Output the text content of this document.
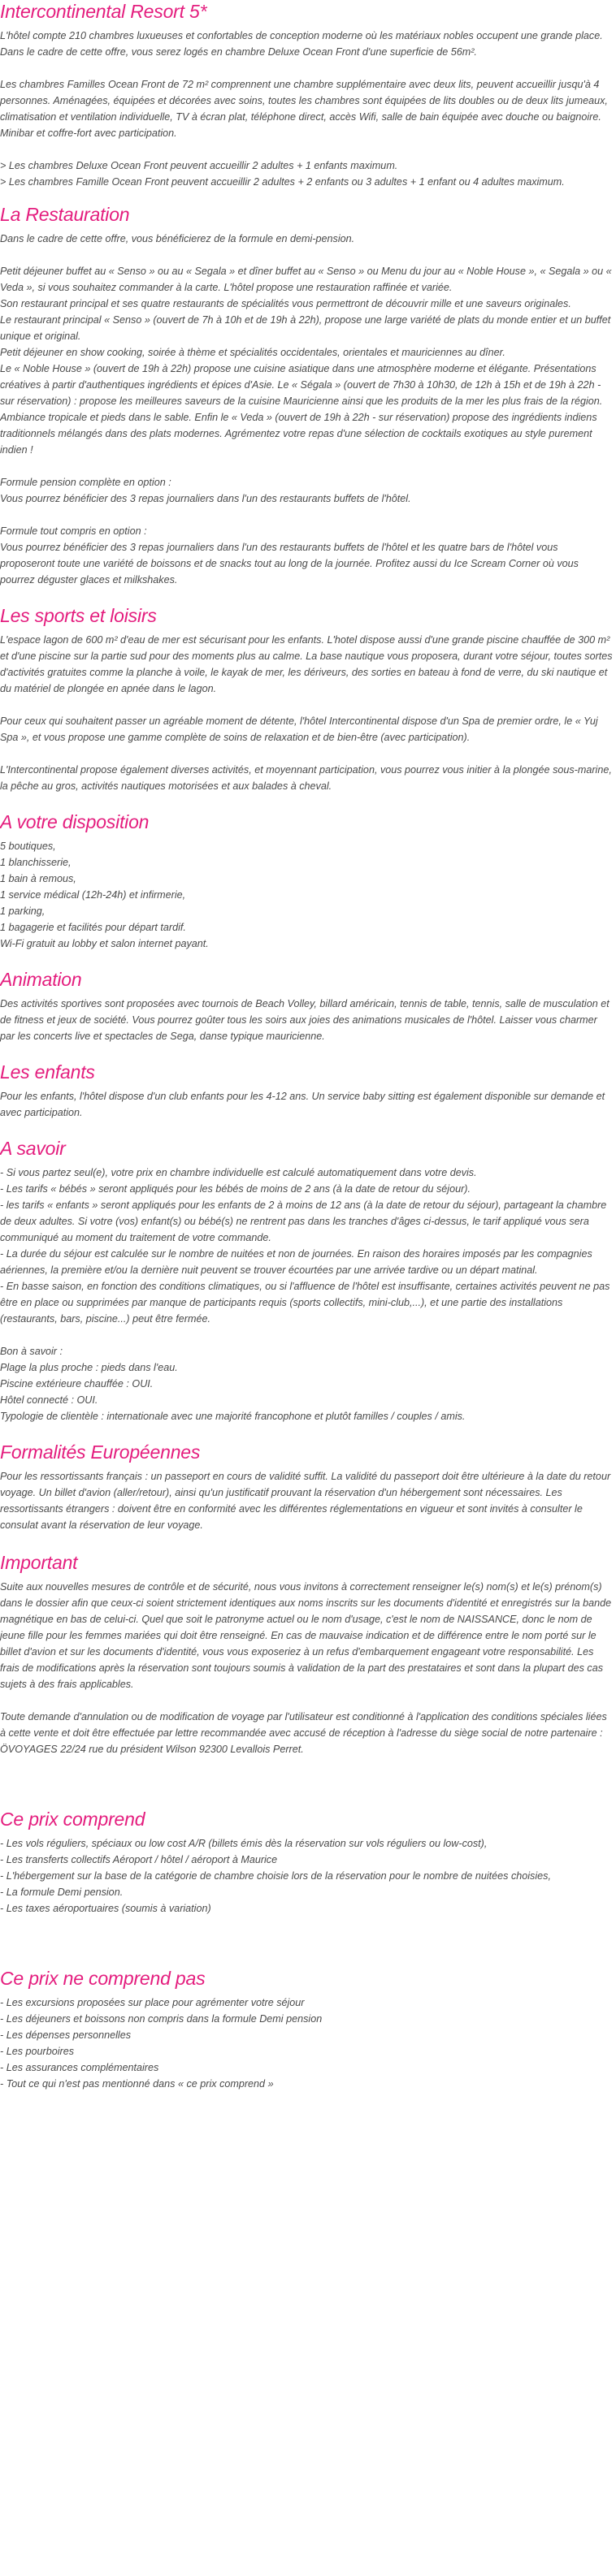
Intercontinental Resort 5*

L'hôtel compte 210 chambres luxueuses et confortables de conception moderne où les matériaux nobles occupent une grande place. Dans le cadre de cette offre, vous serez logés en chambre Deluxe Ocean Front d'une superficie de 56m².

Les chambres Familles Ocean Front de 72 m² comprennent une chambre supplémentaire avec deux lits, peuvent accueillir jusqu'à 4 personnes. Aménagées, équipées et décorées avec soins, toutes les chambres sont équipées de lits doubles ou de deux lits jumeaux, climatisation et ventilation individuelle, TV à écran plat, téléphone direct, accès Wifi, salle de bain équipée avec douche ou baignoire. Minibar et coffre-fort avec participation.

> Les chambres Deluxe Ocean Front peuvent accueillir 2 adultes + 1 enfants maximum.

> Les chambres Famille Ocean Front peuvent accueillir 2 adultes + 2 enfants ou 3 adultes + 1 enfant ou 4 adultes maximum.

La Restauration

Dans le cadre de cette offre, vous bénéficierez de la formule en demi-pension.

Petit déjeuner buffet au « Senso » ou au « Segala » et dîner buffet au « Senso » ou Menu du jour au « Noble House », « Segala » ou « Veda », si vous souhaitez commander à la carte. L'hôtel propose une restauration raffinée et variée.

Son restaurant principal et ses quatre restaurants de spécialités vous permettront de découvrir mille et une saveurs originales.

Le restaurant principal « Senso » (ouvert de 7h à 10h et de 19h à 22h), propose une large variété de plats du monde entier et un buffet unique et original.

Petit déjeuner en show cooking, soirée à thème et spécialités occidentales, orientales et mauriciennes au dîner.

Le « Noble House » (ouvert de 19h à 22h) propose une cuisine asiatique dans une atmosphère moderne et élégante. Présentations créatives à partir d'authentiques ingrédients et épices d'Asie. Le « Ségala » (ouvert de 7h30 à 10h30, de 12h à 15h et de 19h à 22h - sur réservation) : propose les meilleures saveurs de la cuisine Mauricienne ainsi que les produits de la mer les plus frais de la région. Ambiance tropicale et pieds dans le sable. Enfin le « Veda » (ouvert de 19h à 22h - sur réservation) propose des ingrédients indiens traditionnels mélangés dans des plats modernes. Agrémentez votre repas d'une sélection de cocktails exotiques au style purement indien !

Formule pension complète en option :

Vous pourrez bénéficier des 3 repas journaliers dans l'un des restaurants buffets de l'hôtel.

Formule tout compris en option :

Vous pourrez bénéficier des 3 repas journaliers dans l'un des restaurants buffets de l'hôtel et les quatre bars de l'hôtel vous proposeront toute une variété de boissons et de snacks tout au long de la journée. Profitez aussi du Ice Scream Corner où vous pourrez déguster glaces et milkshakes.

Les sports et loisirs

L'espace lagon de 600 m² d'eau de mer est sécurisant pour les enfants. L'hotel dispose aussi d'une grande piscine chauffée de 300 m² et d'une piscine sur la partie sud pour des moments plus au calme. La base nautique vous proposera, durant votre séjour, toutes sortes d'activités gratuites comme la planche à voile, le kayak de mer, les dériveurs, des sorties en bateau à fond de verre, du ski nautique et du matériel de plongée en apnée dans le lagon.

Pour ceux qui souhaitent passer un agréable moment de détente, l'hôtel Intercontinental dispose d'un Spa de premier ordre, le « Yuj Spa », et vous propose une gamme complète de soins de relaxation et de bien-être (avec participation).

L'Intercontinental propose également diverses activités, et moyennant participation, vous pourrez vous initier à la plongée sous-marine, la pêche au gros, activités nautiques motorisées et aux balades à cheval.

A votre disposition

5 boutiques,

1 blanchisserie,

1 bain à remous,

1 service médical (12h-24h) et infirmerie,

1 parking,

1 bagagerie et facilités pour départ tardif.

Wi-Fi gratuit au lobby et salon internet payant.

Animation

Des activités sportives sont proposées avec tournois de Beach Volley, billard américain, tennis de table, tennis, salle de musculation et de fitness et jeux de société. Vous pourrez goûter tous les soirs aux joies des animations musicales de l'hôtel. Laisser vous charmer par les concerts live et spectacles de Sega, danse typique mauricienne.

Les enfants

Pour les enfants, l'hôtel dispose d'un club enfants pour les 4-12 ans. Un service baby sitting est également disponible sur demande et avec participation.

A savoir

- Si vous partez seul(e), votre prix en chambre individuelle est calculé automatiquement dans votre devis.

- Les tarifs « bébés » seront appliqués pour les bébés de moins de 2 ans (à la date de retour du séjour).

- les tarifs « enfants » seront appliqués pour les enfants de 2 à moins de 12 ans (à la date de retour du séjour), partageant la chambre de deux adultes. Si votre (vos) enfant(s) ou bébé(s) ne rentrent pas dans les tranches d'âges ci-dessus, le tarif appliqué vous sera communiqué au moment du traitement de votre commande.

- La durée du séjour est calculée sur le nombre de nuitées et non de journées. En raison des horaires imposés par les compagnies aériennes, la première et/ou la dernière nuit peuvent se trouver écourtées par une arrivée tardive ou un départ matinal.

- En basse saison, en fonction des conditions climatiques, ou si l'affluence de l'hôtel est insuffisante, certaines activités peuvent ne pas être en place ou supprimées par manque de participants requis (sports collectifs, mini-club,...), et une partie des installations (restaurants, bars, piscine...) peut être fermée.

Bon à savoir :

Plage la plus proche : pieds dans l'eau.

Piscine extérieure chauffée : OUI.

Hôtel connecté : OUI.

Typologie de clientèle : internationale avec une majorité francophone et plutôt familles / couples / amis.

Formalités Européennes

Pour les ressortissants français : un passeport en cours de validité suffit. La validité du passeport doit être ultérieure à la date du retour voyage. Un billet d'avion (aller/retour), ainsi qu'un justificatif prouvant la réservation d'un hébergement sont nécessaires. Les ressortissants étrangers : doivent être en conformité avec les différentes réglementations en vigueur et sont invités à consulter le consulat avant la réservation de leur voyage.

Important

Suite aux nouvelles mesures de contrôle et de sécurité, nous vous invitons à correctement renseigner le(s) nom(s) et le(s) prénom(s) dans le dossier afin que ceux-ci soient strictement identiques aux noms inscrits sur les documents d'identité et enregistrés sur la bande magnétique en bas de celui-ci. Quel que soit le patronyme actuel ou le nom d'usage, c'est le nom de NAISSANCE, donc le nom de jeune fille pour les femmes mariées qui doit être renseigné. En cas de mauvaise indication et de différence entre le nom porté sur le billet d'avion et sur les documents d'identité, vous vous exposeriez à un refus d'embarquement engageant votre responsabilité. Les frais de modifications après la réservation sont toujours soumis à validation de la part des prestataires et sont dans la plupart des cas sujets à des frais applicables.

Toute demande d'annulation ou de modification de voyage par l'utilisateur est conditionné à l'application des conditions spéciales liées à cette vente et doit être effectuée par lettre recommandée avec accusé de réception à l'adresse du siège social de notre partenaire : ÖVOYAGES 22/24 rue du président Wilson 92300 Levallois Perret.

Ce prix comprend

- Les vols réguliers, spéciaux ou low cost A/R (billets émis dès la réservation sur vols réguliers ou low-cost),

- Les transferts collectifs Aéroport / hôtel / aéroport à Maurice

- L'hébergement sur la base de la catégorie de chambre choisie lors de la réservation pour le nombre de nuitées choisies,

- La formule Demi pension.

- Les taxes aéroportuaires (soumis à variation)

Ce prix ne comprend pas

- Les excursions proposées sur place pour agrémenter votre séjour

- Les déjeuners et boissons non compris dans la formule Demi pension

- Les dépenses personnelles

- Les pourboires

- Les assurances complémentaires

- Tout ce qui n'est pas mentionné dans « ce prix comprend »
